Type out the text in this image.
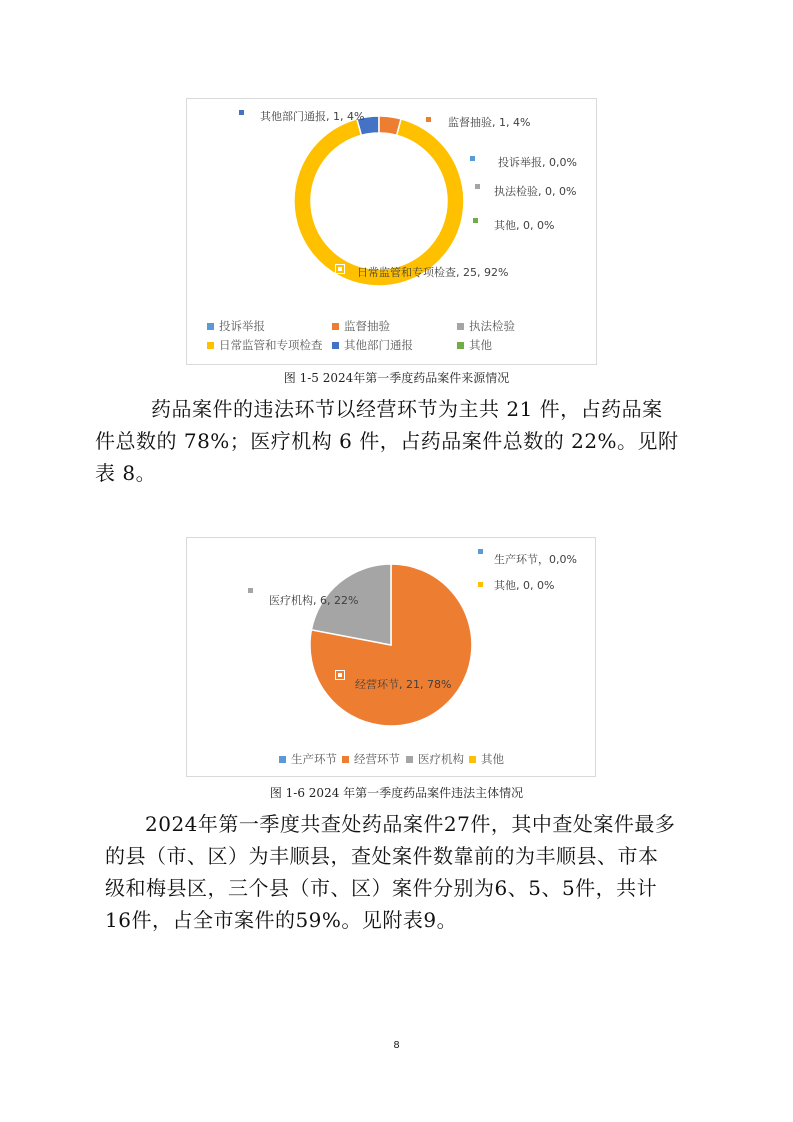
其他部门通报, 1, 4%	监督抽验, 1, 4%
投诉举报, 0,0%
执法检验, 0, 0%
其他, 0, 0%
日常监管和专项检查, 25, 92%
投诉举报	监督抽验	执法检验
日常监管和专项检查 其他部门通报	其他
图 1-5 2024年第一季度药品案件来源情况
药品案件的违法环节以经营环节为主共 21 件，占药品案
件总数的 78%；医疗机构 6 件，占药品案件总数的 22%。见附
表 8。
生产环节，0,0%
其他, 0, 0%
医疗机构, 6, 22%
经营环节, 21, 78%
生产环节 经营环节 医疗机构 其他
图 1-6 2024 年第一季度药品案件违法主体情况
2024年第一季度共查处药品案件27件，其中查处案件最多
的县（市、区）为丰顺县，查处案件数靠前的为丰顺县、市本
级和梅县区，三个县（市、区）案件分别为6、5、5件，共计
16件，占全市案件的59%。见附表9。
8
